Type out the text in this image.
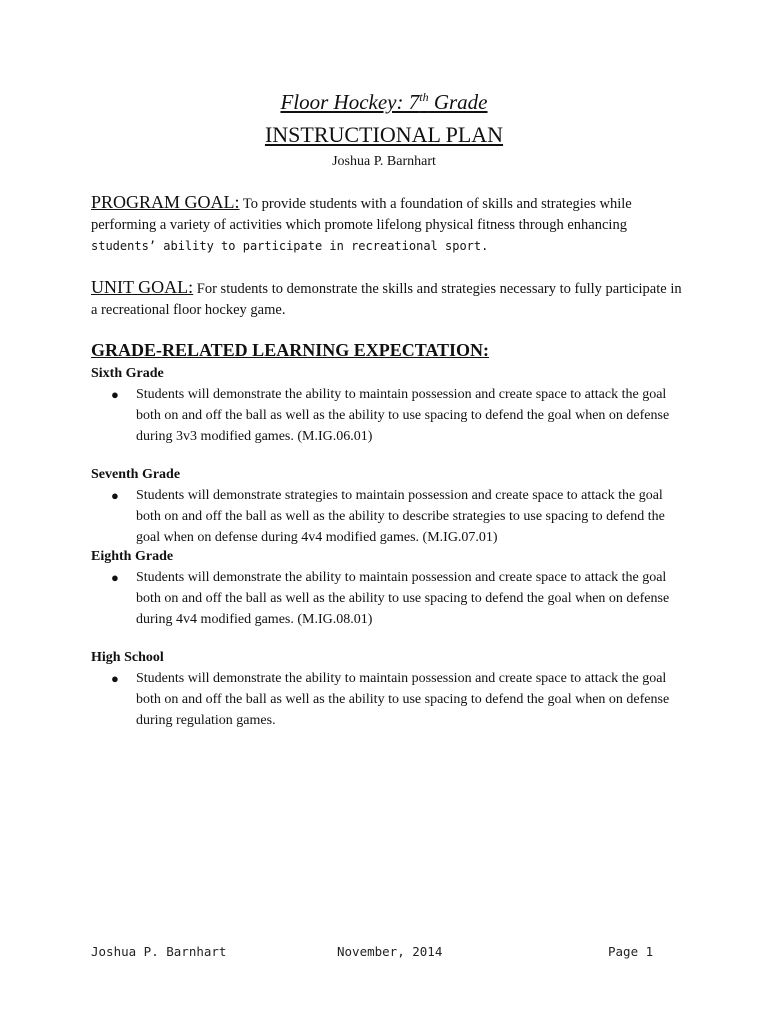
Floor Hockey: 7th Grade
INSTRUCTIONAL PLAN
Joshua P. Barnhart
PROGRAM GOAL: To provide students with a foundation of skills and strategies while performing a variety of activities which promote lifelong physical fitness through enhancing students’ ability to participate in recreational sport.
UNIT GOAL: For students to demonstrate the skills and strategies necessary to fully participate in a recreational floor hockey game.
GRADE-RELATED LEARNING EXPECTATION:
Sixth Grade
● Students will demonstrate the ability to maintain possession and create space to attack the goal both on and off the ball as well as the ability to use spacing to defend the goal when on defense during 3v3 modified games. (M.IG.06.01)
Seventh Grade
● Students will demonstrate strategies to maintain possession and create space to attack the goal both on and off the ball as well as the ability to describe strategies to use spacing to defend the goal when on defense during 4v4 modified games. (M.IG.07.01)
Eighth Grade
● Students will demonstrate the ability to maintain possession and create space to attack the goal both on and off the ball as well as the ability to use spacing to defend the goal when on defense during 4v4 modified games. (M.IG.08.01)
High School
● Students will demonstrate the ability to maintain possession and create space to attack the goal both on and off the ball as well as the ability to use spacing to defend the goal when on defense during regulation games.
Joshua P. Barnhart	November, 2014	Page 1
